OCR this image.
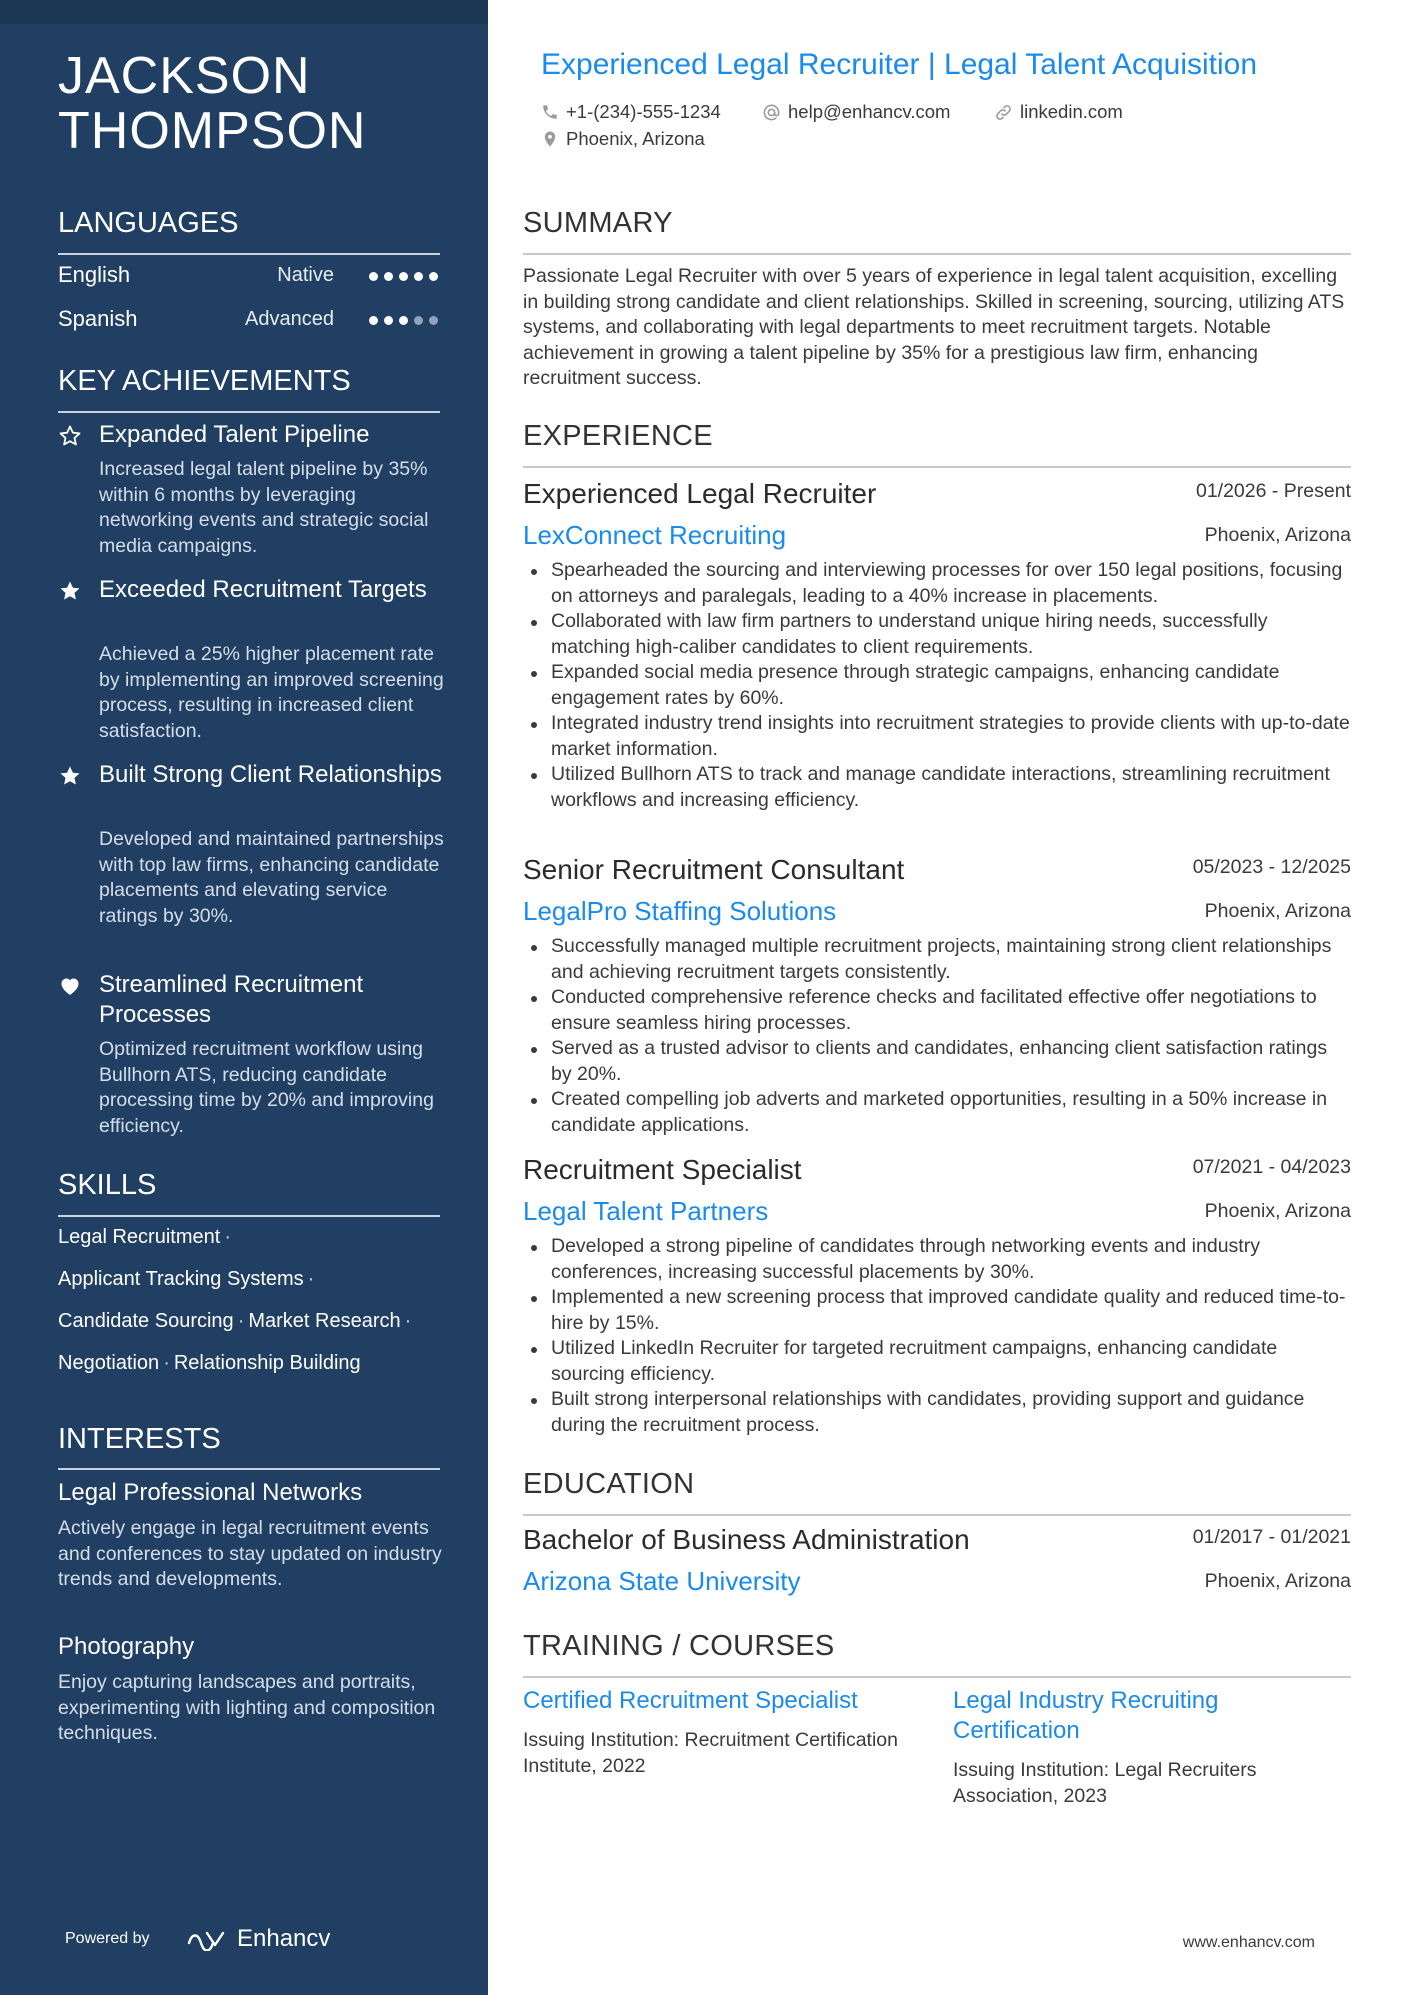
JACKSON
THOMPSON
LANGUAGES
English	Native
Spanish	Advanced
KEY ACHIEVEMENTS
Expanded Talent Pipeline
Increased legal talent pipeline by 35% within 6 months by leveraging networking events and strategic social media campaigns.
Exceeded Recruitment Targets
Achieved a 25% higher placement rate by implementing an improved screening process, resulting in increased client satisfaction.
Built Strong Client Relationships
Developed and maintained partnerships with top law firms, enhancing candidate placements and elevating service ratings by 30%.
Streamlined Recruitment Processes
Optimized recruitment workflow using Bullhorn ATS, reducing candidate processing time by 20% and improving efficiency.
SKILLS
Legal Recruitment ·
Applicant Tracking Systems ·
Candidate Sourcing · Market Research ·
Negotiation · Relationship Building
INTERESTS
Legal Professional Networks
Actively engage in legal recruitment events and conferences to stay updated on industry trends and developments.
Photography
Enjoy capturing landscapes and portraits, experimenting with lighting and composition techniques.
Powered by	Enhancv
Experienced Legal Recruiter | Legal Talent Acquisition
+1-(234)-555-1234	help@enhancv.com	linkedin.com
Phoenix, Arizona
SUMMARY
Passionate Legal Recruiter with over 5 years of experience in legal talent acquisition, excelling in building strong candidate and client relationships. Skilled in screening, sourcing, utilizing ATS systems, and collaborating with legal departments to meet recruitment targets. Notable achievement in growing a talent pipeline by 35% for a prestigious law firm, enhancing recruitment success.
EXPERIENCE
Experienced Legal Recruiter	01/2026 - Present
LexConnect Recruiting	Phoenix, Arizona
Spearheaded the sourcing and interviewing processes for over 150 legal positions, focusing on attorneys and paralegals, leading to a 40% increase in placements.
Collaborated with law firm partners to understand unique hiring needs, successfully matching high-caliber candidates to client requirements.
Expanded social media presence through strategic campaigns, enhancing candidate engagement rates by 60%.
Integrated industry trend insights into recruitment strategies to provide clients with up-to-date market information.
Utilized Bullhorn ATS to track and manage candidate interactions, streamlining recruitment workflows and increasing efficiency.
Senior Recruitment Consultant	05/2023 - 12/2025
LegalPro Staffing Solutions	Phoenix, Arizona
Successfully managed multiple recruitment projects, maintaining strong client relationships and achieving recruitment targets consistently.
Conducted comprehensive reference checks and facilitated effective offer negotiations to ensure seamless hiring processes.
Served as a trusted advisor to clients and candidates, enhancing client satisfaction ratings by 20%.
Created compelling job adverts and marketed opportunities, resulting in a 50% increase in candidate applications.
Recruitment Specialist	07/2021 - 04/2023
Legal Talent Partners	Phoenix, Arizona
Developed a strong pipeline of candidates through networking events and industry conferences, increasing successful placements by 30%.
Implemented a new screening process that improved candidate quality and reduced time-to-hire by 15%.
Utilized LinkedIn Recruiter for targeted recruitment campaigns, enhancing candidate sourcing efficiency.
Built strong interpersonal relationships with candidates, providing support and guidance during the recruitment process.
EDUCATION
Bachelor of Business Administration	01/2017 - 01/2021
Arizona State University	Phoenix, Arizona
TRAINING / COURSES
Certified Recruitment Specialist
Issuing Institution: Recruitment Certification Institute, 2022
Legal Industry Recruiting Certification
Issuing Institution: Legal Recruiters Association, 2023
www.enhancv.com
